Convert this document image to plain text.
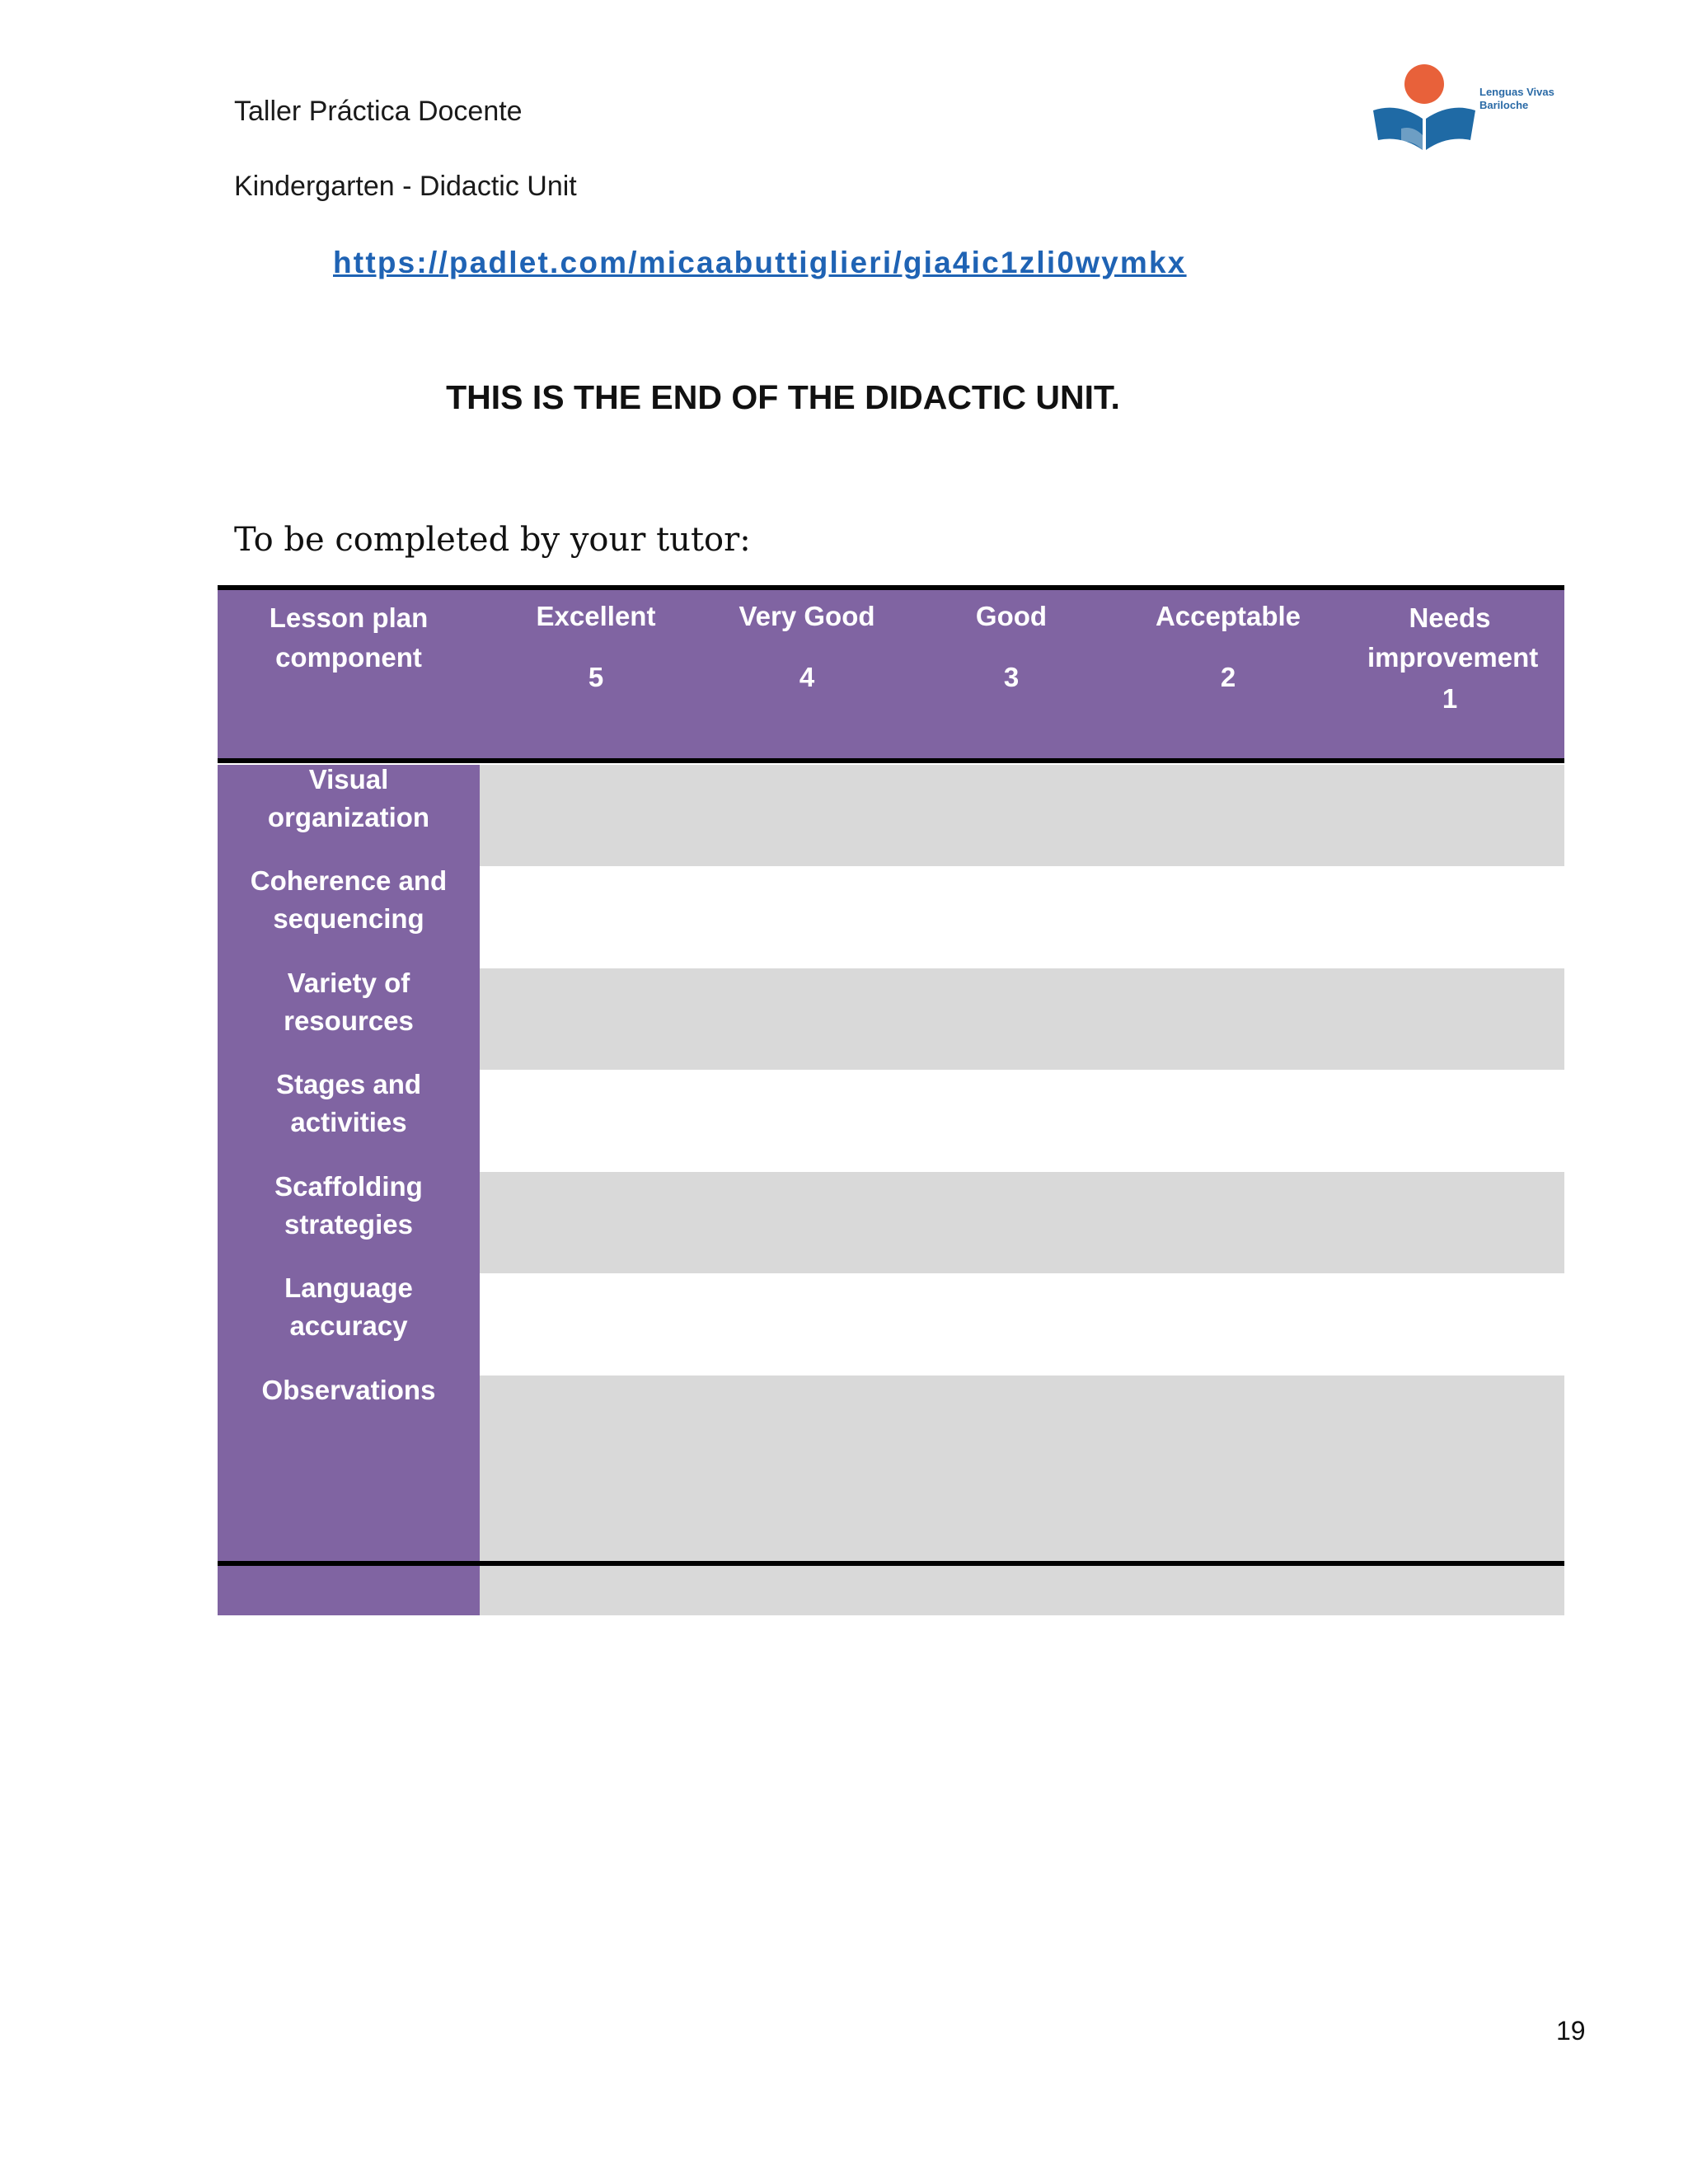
Taller Práctica Docente
Kindergarten - Didactic Unit
Lenguas Vivas
Bariloche
https://padlet.com/micaabuttiglieri/gia4ic1zli0wymkx
THIS IS THE END OF THE DIDACTIC UNIT.
To be completed by your tutor:
Lesson plan component
Excellent
5
Very Good
4
Good
3
Acceptable
2
Needs improvement
1
Visual organization
Coherence and sequencing
Variety of resources
Stages and activities
Scaffolding strategies
Language accuracy
Observations
19
